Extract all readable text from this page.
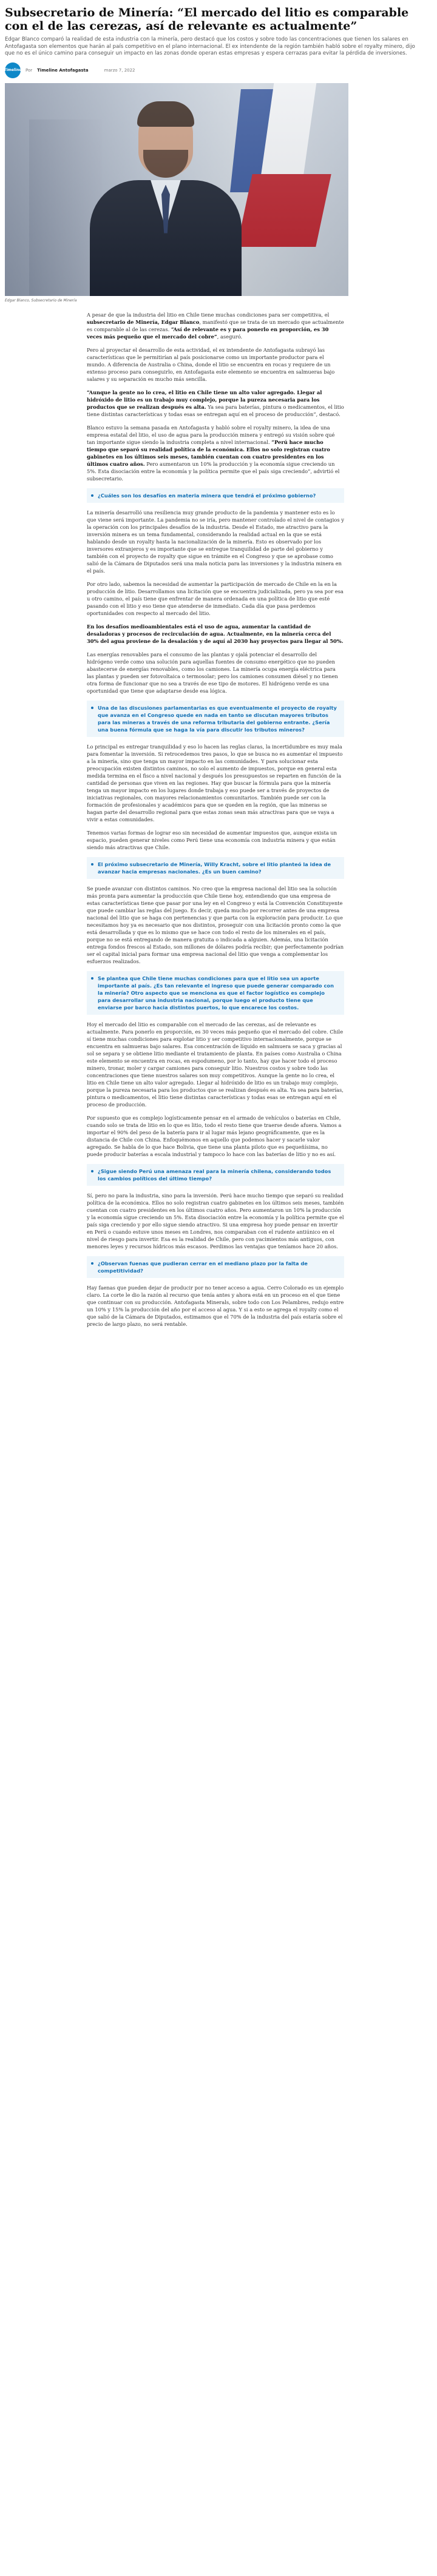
Subsecretario de Minería: “El mercado del litio es comparable con el de las cerezas, así de relevante es actualmente”

Edgar Blanco comparó la realidad de esta industria con la minería, pero destacó que los costos y sobre todo las concentraciones que tienen los salares en Antofagasta son elementos que harán al país competitivo en el plano internacional. El ex intendente de la región también habló sobre el royalty minero, dijo que no es el único camino para conseguir un impacto en las zonas donde operan estas empresas y espera cerrazas para evitar la pérdida de inversiones.

Timeline Por Timeline Antofagasta	marzo 7, 2022
Edgar Blanco, Subsecretario de Minería

A pesar de que la industria del litio en Chile tiene muchas condiciones para ser competitiva, el subsecretario de Minería, Edgar Blanco, manifestó que se trata de un mercado que actualmente es comparable al de las cerezas. “Así de relevante es y para ponerlo en proporción, es 30 veces más pequeño que el mercado del cobre”, aseguró.

Pero al proyectar el desarrollo de esta actividad, el ex intendente de Antofagasta subrayó las características que le permitirían al país posicionarse como un importante productor para el mundo. A diferencia de Australia o China, donde el litio se encuentra en rocas y requiere de un extenso proceso para conseguirlo, en Antofagasta este elemento se encuentra en salmueras bajo salares y su separación es mucho más sencilla.

“Aunque la gente no lo crea, el litio en Chile tiene un alto valor agregado. Llegar al hidróxido de litio es un trabajo muy complejo, porque la pureza necesaria para los productos que se realizan después es alta. Ya sea para baterías, pintura o medicamentos, el litio tiene distintas características y todas esas se entregan aquí en el proceso de producción”, destacó.

Blanco estuvo la semana pasada en Antofagasta y habló sobre el royalty minero, la idea de una empresa estatal del litio, el uso de agua para la producción minera y entregó su visión sobre qué tan importante sigue siendo la industria completa a nivel internacional. “Perú hace mucho tiempo que separó su realidad política de la económica. Ellos no solo registran cuatro gabinetes en los últimos seis meses, también cuentan con cuatro presidentes en los últimos cuatro años. Pero aumentaron un 10% la producción y la economía sigue creciendo un 5%. Esta disociación entre la economía y la política permite que el país siga creciendo”, advirtió el subsecretario.

¿Cuáles son los desafíos en materia minera que tendrá el próximo gobierno?

La minería desarrolló una resiliencia muy grande producto de la pandemia y mantener esto es lo que viene será importante. La pandemia no se iría, pero mantener controlado el nivel de contagios y la operación con los principales desafíos de la industria. Desde el Estado, me atractivo para la inversión minera es un tema fundamental, considerando la realidad actual en la que se está hablando desde un royalty hasta la nacionalización de la minería. Esto es observado por los inversores extranjeros y es importante que se entregue tranquilidad de parte del gobierno y también con el proyecto de royalty que sigue en trámite en el Congreso y que se aprobase como salió de la Cámara de Diputados será una mala noticia para las inversiones y la industria minera en el país.

Por otro lado, sabemos la necesidad de aumentar la participación de mercado de Chile en la en la producción de litio. Desarrollamos una licitación que se encuentra judicializada, pero ya sea por esa u otro camino, el país tiene que enfrentar de manera ordenada en una política de litio que esté pasando con el litio y eso tiene que atenderse de inmediato. Cada día que pasa perdemos oportunidades con respecto al mercado del litio.

En los desafíos medioambientales está el uso de agua, aumentar la cantidad de desaladoras y procesos de recirculación de agua. Actualmente, en la minería cerca del 30% del agua proviene de la desalación y de aquí al 2030 hay proyectos para llegar al 50%.

Las energías renovables para el consumo de las plantas y ojalá potenciar el desarrollo del hidrógeno verde como una solución para aquellas fuentes de consumo energético que no pueden abastecerse de energías renovables, como los camiones. La minería ocupa energía eléctrica para las plantas y pueden ser fotovoltaica o termosolar; pero los camiones consumen diésel y no tienen otra forma de funcionar que no sea a través de ese tipo de motores. El hidrógeno verde es una oportunidad que tiene que adaptarse desde esa lógica.

Una de las discusiones parlamentarias es que eventualmente el proyecto de royalty que avanza en el Congreso quede en nada en tanto se discutan mayores tributos para las mineras a través de una reforma tributaria del gobierno entrante. ¿Sería una buena fórmula que se haga la vía para discutir los tributos mineros?

Lo principal es entregar tranquilidad y eso lo hacen las reglas claras, la incertidumbre es muy mala para fomentar la inversión. Si retrocedemos tres pasos, lo que se busca no es aumentar el impuesto a la minería, sino que tenga un mayor impacto en las comunidades. Y para solucionar esta preocupación existen distintos caminos, no solo el aumento de impuestos, porque en general esta medida termina en el fisco a nivel nacional y después los presupuestos se reparten en función de la cantidad de personas que viven en las regiones. Hay que buscar la fórmula para que la minería tenga un mayor impacto en los lugares donde trabaja y eso puede ser a través de proyectos de iniciativas regionales, con mayores relacionamientos comunitarios. También puede ser con la formación de profesionales y académicos para que se queden en la región, que las mineras se hagan parte del desarrollo regional para que estas zonas sean más atractivas para que se vaya a vivir a estas comunidades.

Tenemos varias formas de lograr eso sin necesidad de aumentar impuestos que, aunque exista un espacio, pueden generar niveles como Perú tiene una economía con industria minera y que están siendo más atractivas que Chile.

El próximo subsecretario de Minería, Willy Kracht, sobre el litio planteó la idea de avanzar hacia empresas nacionales. ¿Es un buen camino?

Se puede avanzar con distintos caminos. No creo que la empresa nacional del litio sea la solución más pronta para aumentar la producción que Chile tiene hoy, entendiendo que una empresa de estas características tiene que pasar por una ley en el Congreso y está la Convención Constituyente que puede cambiar las reglas del juego. Es decir, queda mucho por recorrer antes de una empresa nacional del litio que se haga con pertenencias y que parta con la exploración para producir. Lo que necesitamos hoy ya es necesario que nos distintos, proseguir con una licitación pronto como la que está desarrollada y que es lo mismo que se hace con todo el resto de los minerales en el país, porque no se está entregando de manera gratuita o indicada a alguien. Además, una licitación entrega fondos frescos al Estado, son millones de dólares podría recibir; que perfectamente podrían ser el capital inicial para formar una empresa nacional del litio que venga a complementar los esfuerzos realizados.

Se plantea que Chile tiene muchas condiciones para que el litio sea un aporte importante al país. ¿Es tan relevante el ingreso que puede generar comparado con la minería? Otro aspecto que se menciona es que el factor logístico es complejo para desarrollar una industria nacional, porque luego el producto tiene que enviarse por barco hacia distintos puertos, lo que encarece los costos.

Hoy el mercado del litio es comparable con el mercado de las cerezas, así de relevante es actualmente. Para ponerlo en proporción, es 30 veces más pequeño que el mercado del cobre. Chile sí tiene muchas condiciones para explotar litio y ser competitivo internacionalmente, porque se encuentra en salmueras bajo salares. Esa concentración de líquido en salmuera se saca y gracias al sol se separa y se obtiene litio mediante el tratamiento de planta. En países como Australia o China este elemento se encuentra en rocas, en espodumeno, por lo tanto, hay que hacer todo el proceso minero, tronar, moler y cargar camiones para conseguir litio. Nuestros costos y sobre todo las concentraciones que tiene nuestros salares son muy competitivos. Aunque la gente no lo crea, el litio en Chile tiene un alto valor agregado. Llegar al hidróxido de litio es un trabajo muy complejo, porque la pureza necesaria para los productos que se realizan después es alta. Ya sea para baterías, pintura o medicamentos, el litio tiene distintas características y todas esas se entregan aquí en el proceso de producción.

Por supuesto que es complejo logísticamente pensar en el armado de vehículos o baterías en Chile, cuando solo se trata de litio en lo que es litio, todo el resto tiene que traerse desde afuera. Vamos a importar el 90% del peso de la batería para ir al lugar más lejano geográficamente, que es la distancia de Chile con China. Enfoquémonos en aquello que podemos hacer y sacarle valor agregado. Se habla de lo que hace Bolivia, que tiene una planta piloto que es pequeñísima, no puede producir baterías a escala industrial y tampoco lo hace con las baterías de litio y no es así.

¿Sigue siendo Perú una amenaza real para la minería chilena, considerando todos los cambios políticos del último tiempo?

Sí, pero no para la industria, sino para la inversión. Perú hace mucho tiempo que separó su realidad política de la económica. Ellos no solo registran cuatro gabinetes en los últimos seis meses, también cuentan con cuatro presidentes en los últimos cuatro años. Pero aumentaron un 10% la producción y la economía sigue creciendo un 5%. Esta disociación entre la economía y la política permite que el país siga creciendo y por ello sigue siendo atractivo. Si una empresa hoy puede pensar en invertir en Perú o cuando estuve unos meses en Londres, nos comparaban con el rudente antiúnico en el nivel de riesgo para invertir. Esa es la realidad de Chile, pero con yacimientos más antiguos, con menores leyes y recursos hídricos más escasos. Perdimos las ventajas que teníamos hace 20 años.

¿Observan fuenas que pudieran cerrar en el mediano plazo por la falta de competitividad?

Hay faenas que pueden dejar de producir por no tener acceso a agua. Cerro Colorado es un ejemplo claro. La corte le dio la razón al recurso que tenía antes y ahora está en un proceso en el que tiene que continuar con su producción. Antofagasta Minerals, sobre todo con Los Pelambres, redujo entre un 10% y 15% la producción del año por el acceso al agua. Y si a esto se agrega el royalty como el que salió de la Cámara de Diputados, estimamos que el 70% de la industria del país estaría sobre el precio de largo plazo, no será rentable.
